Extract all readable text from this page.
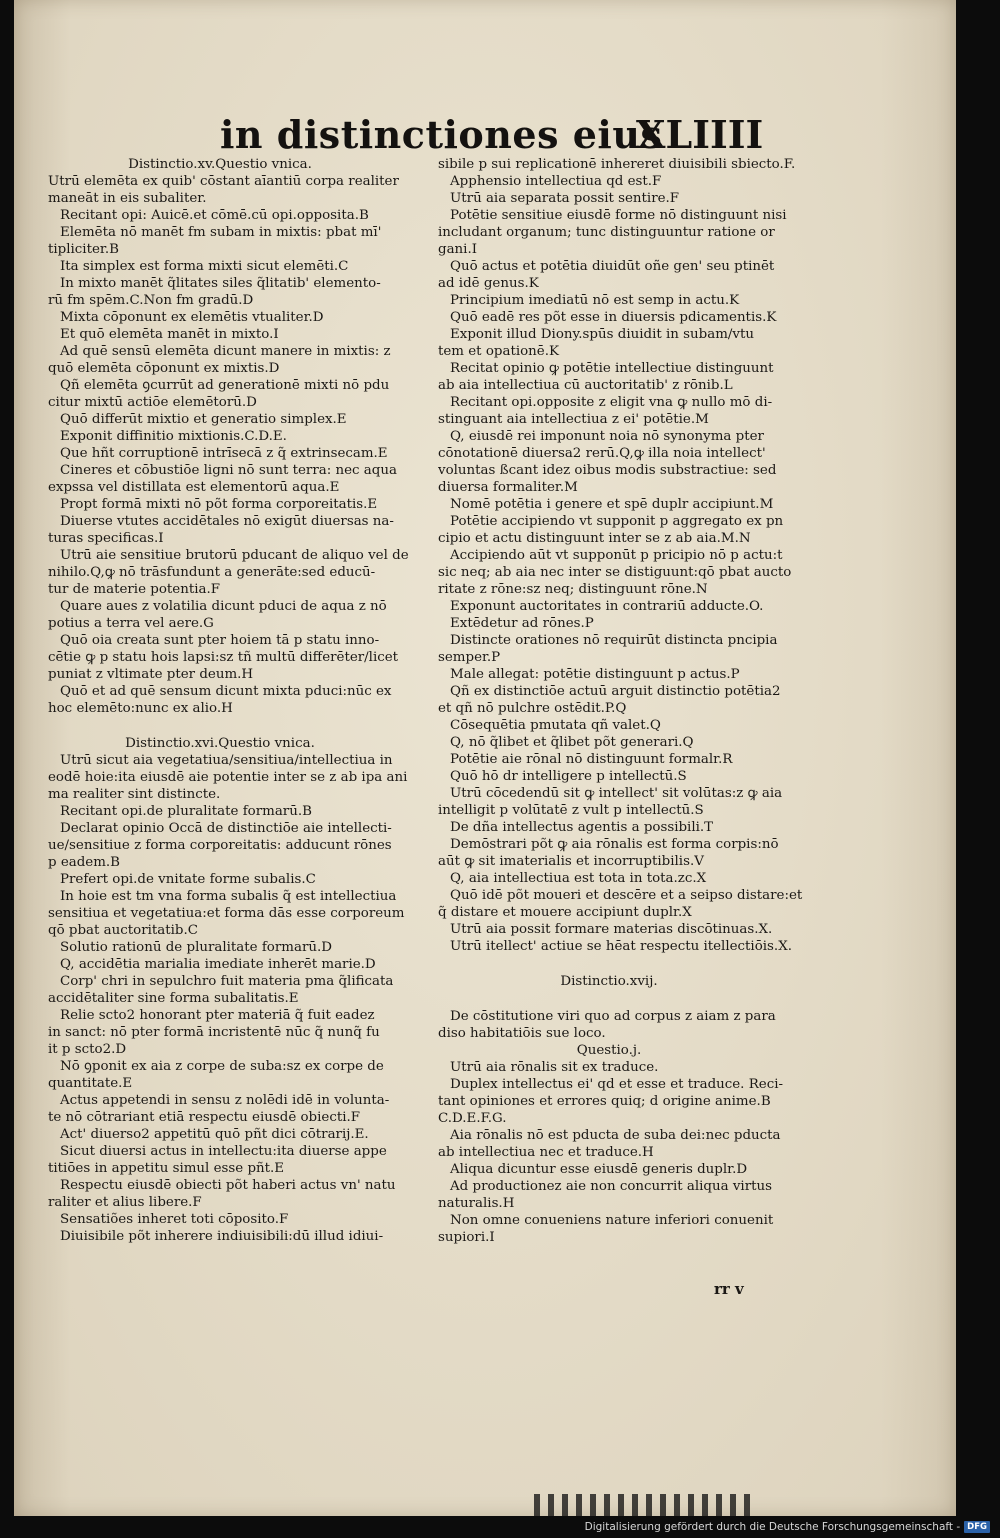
in distinctiones eius
XLIIII
Distinctio.xv.Questio vnica.
Utrū elemēta ex quib' cōstant aīantiū corpa realiter
maneāt in eis subaliter.
Recitant opi: Auicē.et cōmē.cū opi.opposita.B
Elemēta nō manēt fm subam in mixtis: pbat mī'
tipliciter.B
Ita simplex est forma mixti sicut elemēti.C
In mixto manēt q̃litates siles q̃litatib' elemento-
rū fm spēm.C.Non fm gradū.D
Mixta cōponunt ex elemētis vtualiter.D
Et quō elemēta manēt in mixto.I
Ad quē sensū elemēta dicunt manere in mixtis: z
quō elemēta cōponunt ex mixtis.D
Qñ elemēta ꝯcurrūt ad generationē mixti nō pdu
citur mixtū actiōe elemētorū.D
Quō differūt mixtio et generatio simplex.E
Exponit diffinitio mixtionis.C.D.E.
Que hñt corruptionē intrīsecā z q̃ extrinsecam.E
Cineres et cōbustiōe ligni nō sunt terra: nec aqua
expssa vel distillata est elementorū aqua.E
Propt formā mixti nō põt forma corporeitatis.E
Diuerse vtutes accidētales nō exigūt diuersas na-
turas specificas.I
Utrū aie sensitiue brutorū pducant de aliquo vel de
nihilo.Q,ꝙ nō trāsfundunt a generāte:sed educū-
tur de materie potentia.F
Quare aues z volatilia dicunt pduci de aqua z nō
potius a terra vel aere.G
Quō oia creata sunt pter hoiem tā p statu inno-
cētie ꝙ p statu hois lapsi:sz tñ multū differēter/licet
puniat z vltimate pter deum.H
Quō et ad quē sensum dicunt mixta pduci:nūc ex
hoc elemēto:nunc ex alio.H
Distinctio.xvi.Questio vnica.
Utrū sicut aia vegetatiua/sensitiua/intellectiua in
eodē hoie:ita eiusdē aie potentie inter se z ab ipa ani
ma realiter sint distincte.
Recitant opi.de pluralitate formarū.B
Declarat opinio Occā de distinctiōe aie intellecti-
ue/sensitiue z forma corporeitatis: adducunt rōnes
p eadem.B
Prefert opi.de vnitate forme subalis.C
In hoie est tm vna forma subalis q̃ est intellectiua
sensitiua et vegetatiua:et forma dās esse corporeum
qō pbat auctoritatib.C
Solutio rationū de pluralitate formarū.D
Q, accidētia marialia imediate inherēt marie.D
Corp' chri in sepulchro fuit materia pma q̃lificata
accidētaliter sine forma subalitatis.E
Relie scto2 honorant pter materiā q̃ fuit eadez
in sanct: nō pter formā incristentē nūc q̃ nunq̃ fu
it p scto2.D
Nō ꝯponit ex aia z corpe de suba:sz ex corpe de
quantitate.E
Actus appetendi in sensu z nolēdi idē in volunta-
te nō cōtrariant etiā respectu eiusdē obiecti.F
Act' diuerso2 appetitū quō pñt dici cōtrarij.E.
Sicut diuersi actus in intellectu:ita diuerse appe
titiōes in appetitu simul esse pñt.E
Respectu eiusdē obiecti põt haberi actus vn' natu
raliter et alius libere.F
Sensatiões inheret toti cōposito.F
Diuisibile põt inherere indiuisibili:dū illud idiui-
sibile p sui replicationē inhereret diuisibili sbiecto.F.
Apphensio intellectiua qd est.F
Utrū aia separata possit sentire.F
Potētie sensitiue eiusdē forme nō distinguunt nisi
includant organum; tunc distinguuntur ratione or
gani.I
Quō actus et potētia diuidūt oñe gen' seu ptinēt
ad idē genus.K
Principium imediatū nō est semp in actu.K
Quō eadē res põt esse in diuersis pdicamentis.K
Exponit illud Diony.spūs diuidit in subam/vtu
tem et opationē.K
Recitat opinio ꝙ potētie intellectiue distinguunt
ab aia intellectiua cū auctoritatib' z rōnib.L
Recitant opi.opposite z eligit vna ꝙ nullo mō di-
stinguant aia intellectiua z ei' potētie.M
Q, eiusdē rei imponunt noia nō synonyma pter
cōnotationē diuersa2 rerū.Q,ꝙ illa noia intellect'
voluntas ßcant idez oibus modis substractiue: sed
diuersa formaliter.M
Nomē potētia i genere et spē duplr accipiunt.M
Potētie accipiendo vt supponit p aggregato ex pn
cipio et actu distinguunt inter se z ab aia.M.N
Accipiendo aūt vt supponūt p pricipio nō p actu:t
sic neq; ab aia nec inter se distiguunt:qō pbat aucto
ritate z rōne:sz neq; distinguunt rōne.N
Exponunt auctoritates in contrariū adducte.O.
Extēdetur ad rōnes.P
Distincte orationes nō requirūt distincta pncipia
semper.P
Male allegat: potētie distinguunt p actus.P
Qñ ex distinctiōe actuū arguit distinctio potētia2
et qñ nō pulchre ostēdit.P.Q
Cōsequētia pmutata qñ valet.Q
Q, nō q̃libet et q̃libet põt generari.Q
Potētie aie rōnal nō distinguunt formalr.R
Quō hō dr intelligere p intellectū.S
Utrū cōcedendū sit ꝙ intellect' sit volūtas:z ꝙ aia
intelligit p volūtatē z vult p intellectū.S
De dña intellectus agentis a possibili.T
Demōstrari põt ꝙ aia rōnalis est forma corpis:nō
aūt ꝙ sit imaterialis et incorruptibilis.V
Q, aia intellectiua est tota in tota.zc.X
Quō idē põt moueri et descēre et a seipso distare:et
q̃ distare et mouere accipiunt duplr.X
Utrū aia possit formare materias discōtinuas.X.
Utrū itellect' actiue se hēat respectu itellectiōis.X.
Distinctio.xvij.
De cōstitutione viri quo ad corpus z aiam z para
diso habitatiōis sue loco.
Questio.j.
Utrū aia rōnalis sit ex traduce.
Duplex intellectus ei' qd et esse et traduce. Reci-
tant opiniones et errores quiq; d origine anime.B
C.D.E.F.G.
Aia rōnalis nō est pducta de suba dei:nec pducta
ab intellectiua nec et traduce.H
Aliqua dicuntur esse eiusdē generis duplr.D
Ad productionez aie non concurrit aliqua virtus
naturalis.H
Non omne conueniens nature inferiori conuenit
supiori.I
rr v
Digitalisierung gefördert durch die Deutsche Forschungsgemeinschaft - DFG
